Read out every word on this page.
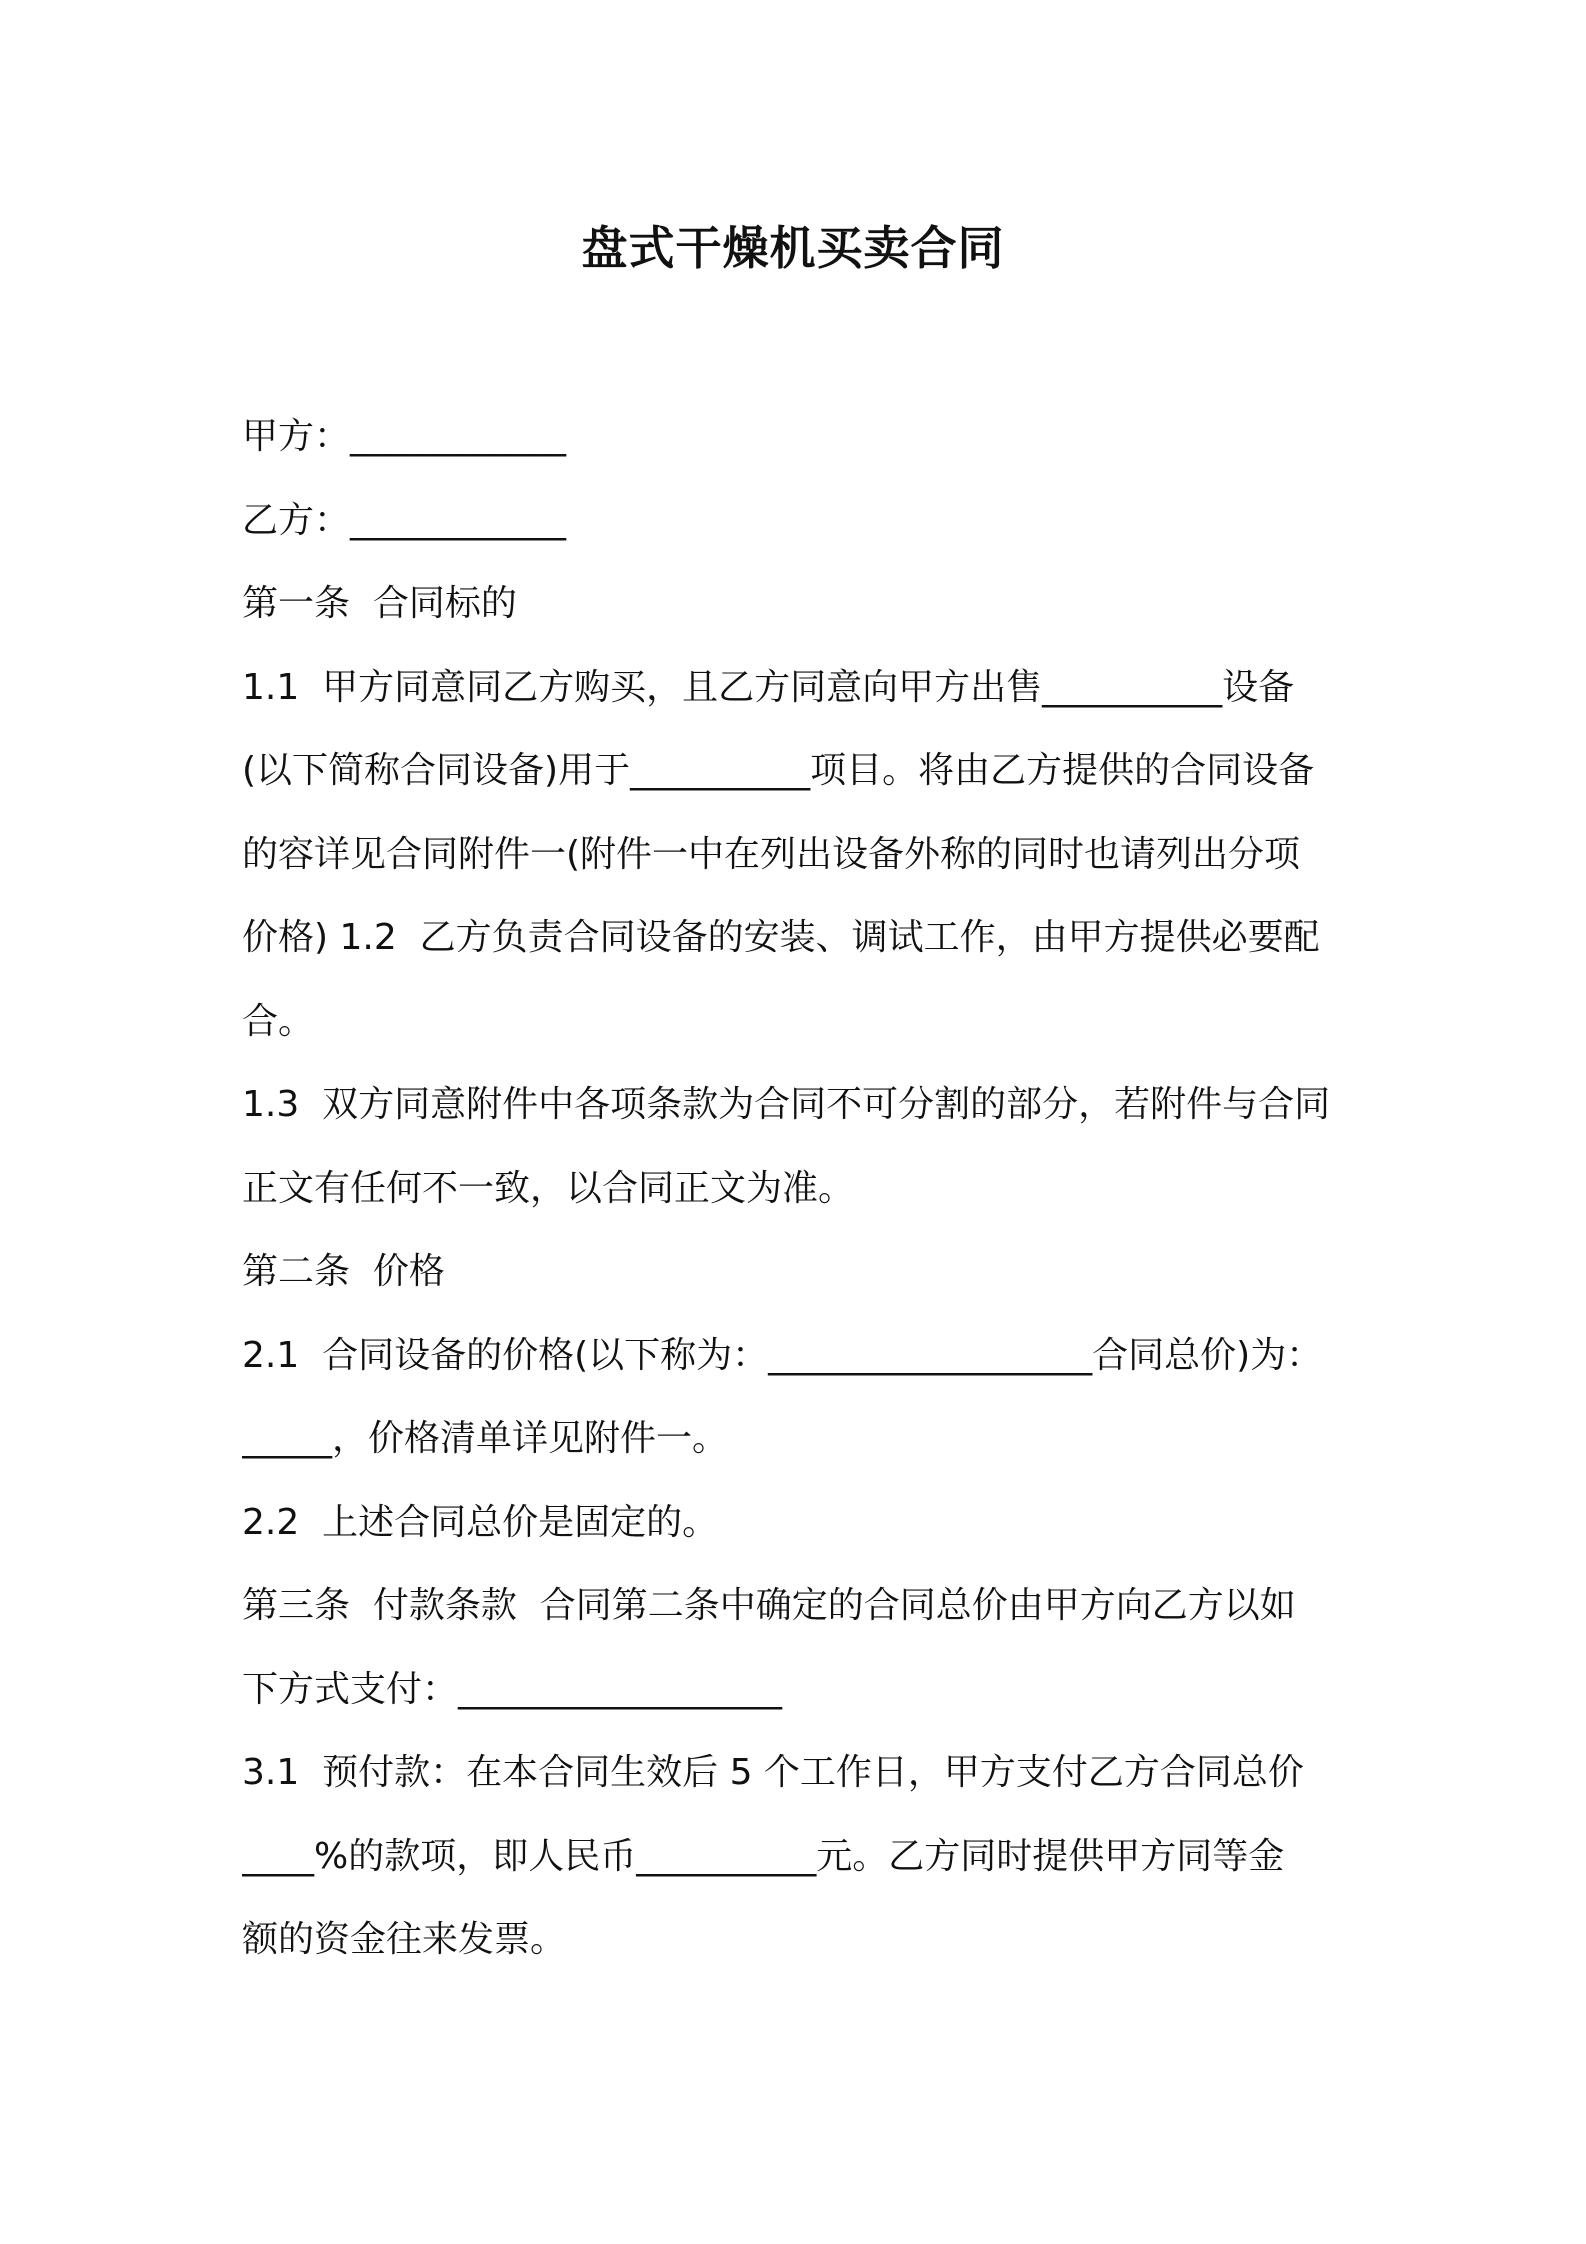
盘式干燥机买卖合同
甲方：____________
乙方：____________
第一条  合同标的
1.1  甲方同意同乙方购买，且乙方同意向甲方出售__________设备
(以下简称合同设备)用于__________项目。将由乙方提供的合同设备
的容详见合同附件一(附件一中在列出设备外称的同时也请列出分项
价格) 1.2  乙方负责合同设备的安装、调试工作，由甲方提供必要配
合。
1.3  双方同意附件中各项条款为合同不可分割的部分，若附件与合同
正文有任何不一致，以合同正文为准。
第二条  价格
2.1  合同设备的价格(以下称为：__________________合同总价)为：
_____，价格清单详见附件一。
2.2  上述合同总价是固定的。
第三条  付款条款  合同第二条中确定的合同总价由甲方向乙方以如
下方式支付：__________________
3.1  预付款：在本合同生效后 5 个工作日，甲方支付乙方合同总价
____%的款项，即人民币__________元。乙方同时提供甲方同等金
额的资金往来发票。
